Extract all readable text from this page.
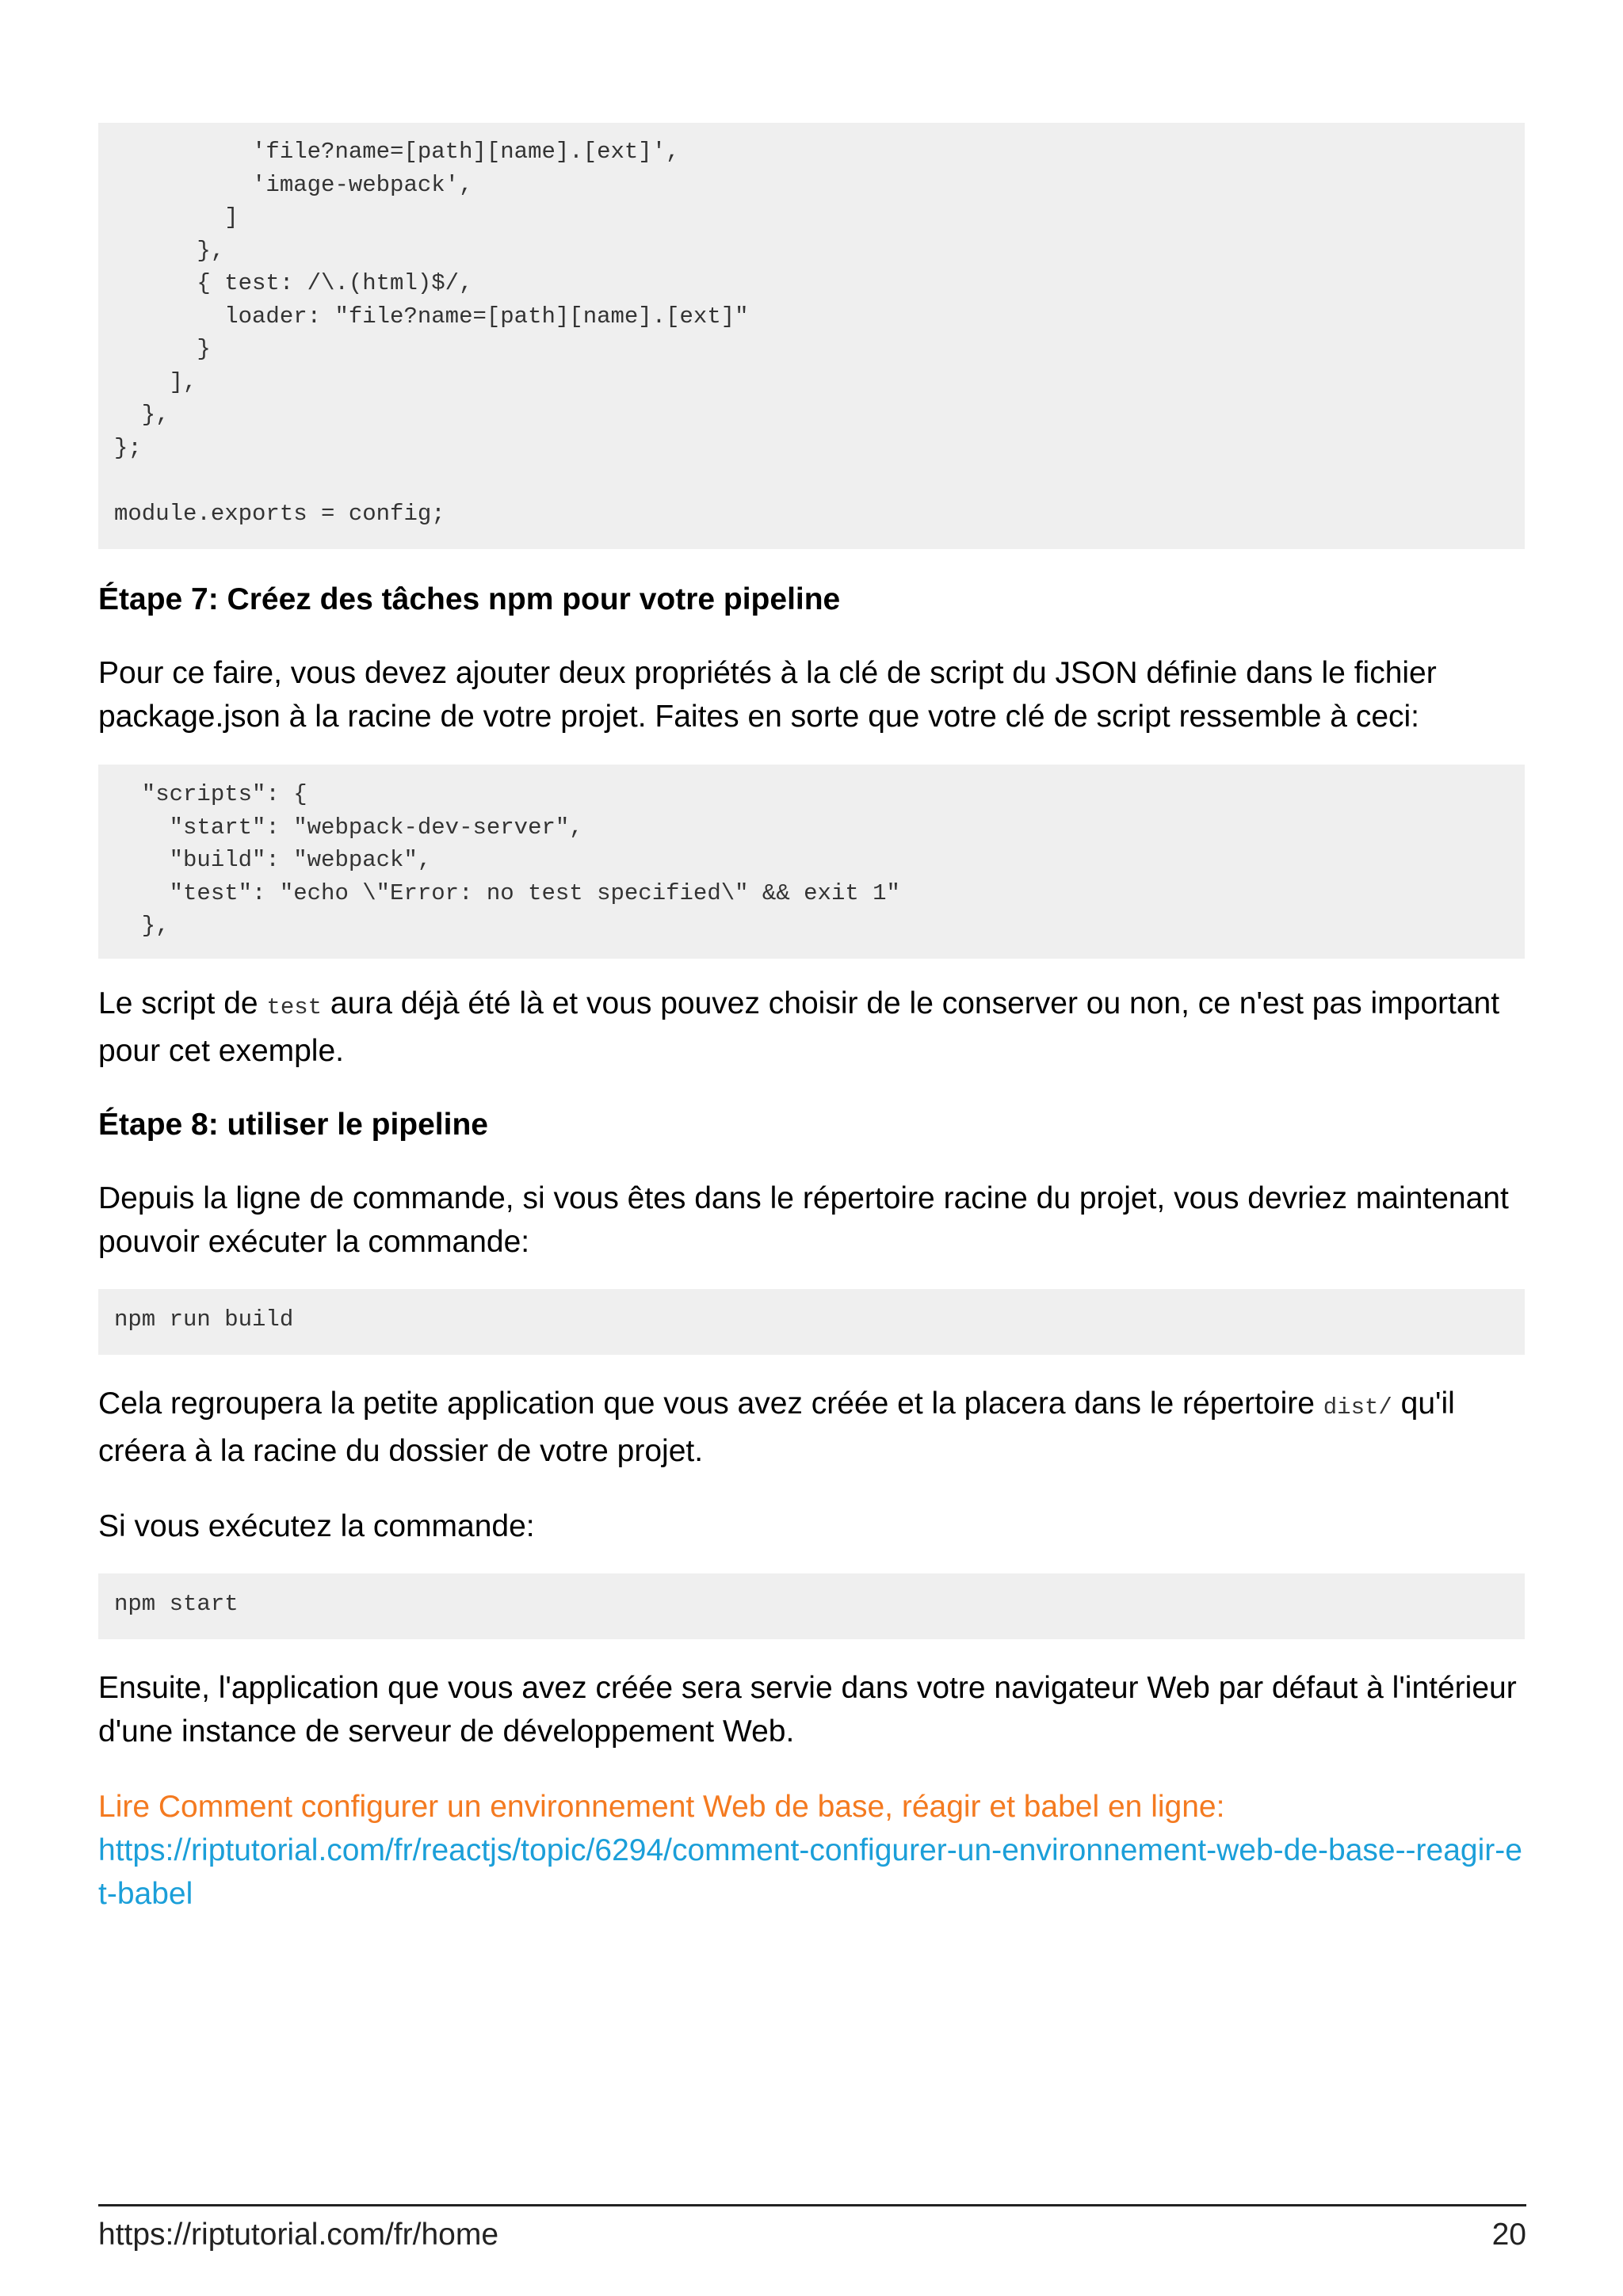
'file?name=[path][name].[ext]',
'image-webpack',
]
},
{ test: /\.(html)$/,
loader: "file?name=[path][name].[ext]"
}
],
},
};

module.exports = config;
Étape 7: Créez des tâches npm pour votre pipeline

Pour ce faire, vous devez ajouter deux propriétés à la clé de script du JSON définie dans le fichier package.json à la racine de votre projet. Faites en sorte que votre clé de script ressemble à ceci:

"scripts": {
"start": "webpack-dev-server",
"build": "webpack",
"test": "echo \"Error: no test specified\" && exit 1"
},

Le script de test aura déjà été là et vous pouvez choisir de le conserver ou non, ce n'est pas important pour cet exemple.

Étape 8: utiliser le pipeline

Depuis la ligne de commande, si vous êtes dans le répertoire racine du projet, vous devriez maintenant pouvoir exécuter la commande:

npm run build

Cela regroupera la petite application que vous avez créée et la placera dans le répertoire dist/ qu'il créera à la racine du dossier de votre projet.

Si vous exécutez la commande:

npm start

Ensuite, l'application que vous avez créée sera servie dans votre navigateur Web par défaut à l'intérieur d'une instance de serveur de développement Web.

Lire Comment configurer un environnement Web de base, réagir et babel en ligne:
https://riptutorial.com/fr/reactjs/topic/6294/comment-configurer-un-environnement-web-de-base--reagir-et-babel

https://riptutorial.com/fr/home	20
